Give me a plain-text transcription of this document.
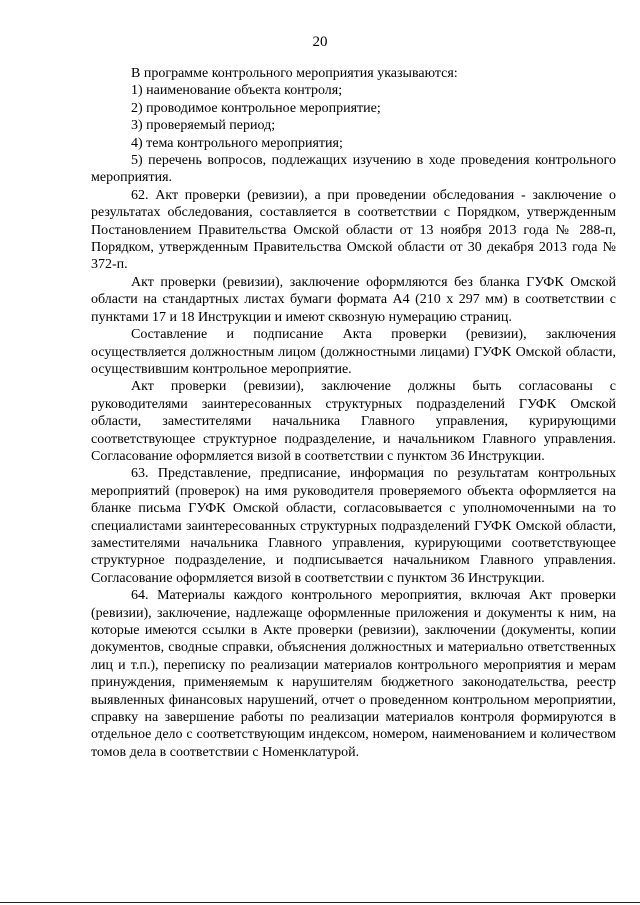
20

В программе контрольного мероприятия указываются:

1) наименование объекта контроля;

2) проводимое контрольное мероприятие;

3) проверяемый период;

4) тема контрольного мероприятия;

5) перечень вопросов, подлежащих изучению в ходе проведения контрольного мероприятия.

62. Акт проверки (ревизии), а при проведении обследования - заключение о результатах обследования, составляется в соответствии с Порядком, утвержденным Постановлением Правительства Омской области от 13 ноября 2013 года № 288-п, Порядком, утвержденным Правительства Омской области от 30 декабря 2013 года № 372-п.

Акт проверки (ревизии), заключение оформляются без бланка ГУФК Омской области на стандартных листах бумаги формата А4 (210 x 297 мм) в соответствии с пунктами 17 и 18 Инструкции и имеют сквозную нумерацию страниц.

Составление и подписание Акта проверки (ревизии), заключения осуществляется должностным лицом (должностными лицами) ГУФК Омской области, осуществившим контрольное мероприятие.

Акт проверки (ревизии), заключение должны быть согласованы с руководителями заинтересованных структурных подразделений ГУФК Омской области, заместителями начальника Главного управления, курирующими соответствующее структурное подразделение, и начальником Главного управления. Согласование оформляется визой в соответствии с пунктом 36 Инструкции.

63. Представление, предписание, информация по результатам контрольных мероприятий (проверок) на имя руководителя проверяемого объекта оформляется на бланке письма ГУФК Омской области, согласовывается с уполномоченными на то специалистами заинтересованных структурных подразделений ГУФК Омской области, заместителями начальника Главного управления, курирующими соответствующее структурное подразделение, и подписывается начальником Главного управления. Согласование оформляется визой в соответствии с пунктом 36 Инструкции.

64. Материалы каждого контрольного мероприятия, включая Акт проверки (ревизии), заключение, надлежаще оформленные приложения и документы к ним, на которые имеются ссылки в Акте проверки (ревизии), заключении (документы, копии документов, сводные справки, объяснения должностных и материально ответственных лиц и т.п.), переписку по реализации материалов контрольного мероприятия и мерам принуждения, применяемым к нарушителям бюджетного законодательства, реестр выявленных финансовых нарушений, отчет о проведенном контрольном мероприятии, справку на завершение работы по реализации материалов контроля формируются в отдельное дело с соответствующим индексом, номером, наименованием и количеством томов дела в соответствии с Номенклатурой.
